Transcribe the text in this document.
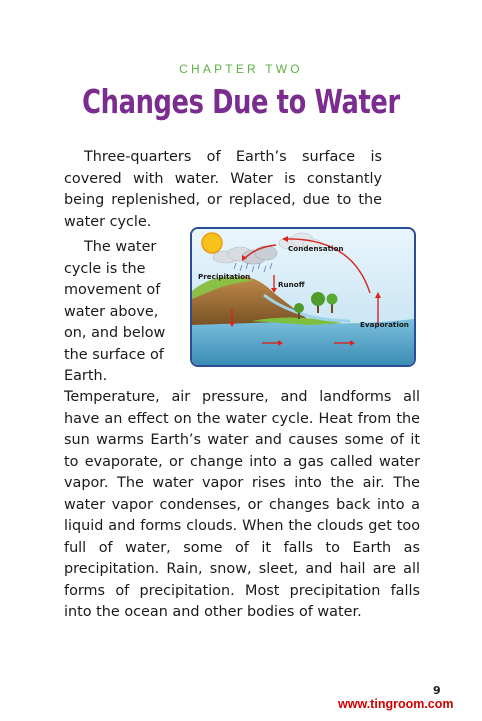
CHAPTER TWO
Changes Due to Water

Three-quarters of Earth’s surface is covered with water. Water is constantly being replenished, or replaced, due to the water cycle.

The water cycle is the movement of water above, on, and below the surface of Earth.

Condensation
Precipitation
Runoff
Evaporation

Temperature, air pressure, and landforms all have an effect on the water cycle. Heat from the sun warms Earth’s water and causes some of it to evaporate, or change into a gas called water vapor. The water vapor rises into the air. The water vapor condenses, or changes back into a liquid and forms clouds. When the clouds get too full of water, some of it falls to Earth as precipitation. Rain, snow, sleet, and hail are all forms of precipitation. Most precipitation falls into the ocean and other bodies of water.

9
www.tingroom.com
